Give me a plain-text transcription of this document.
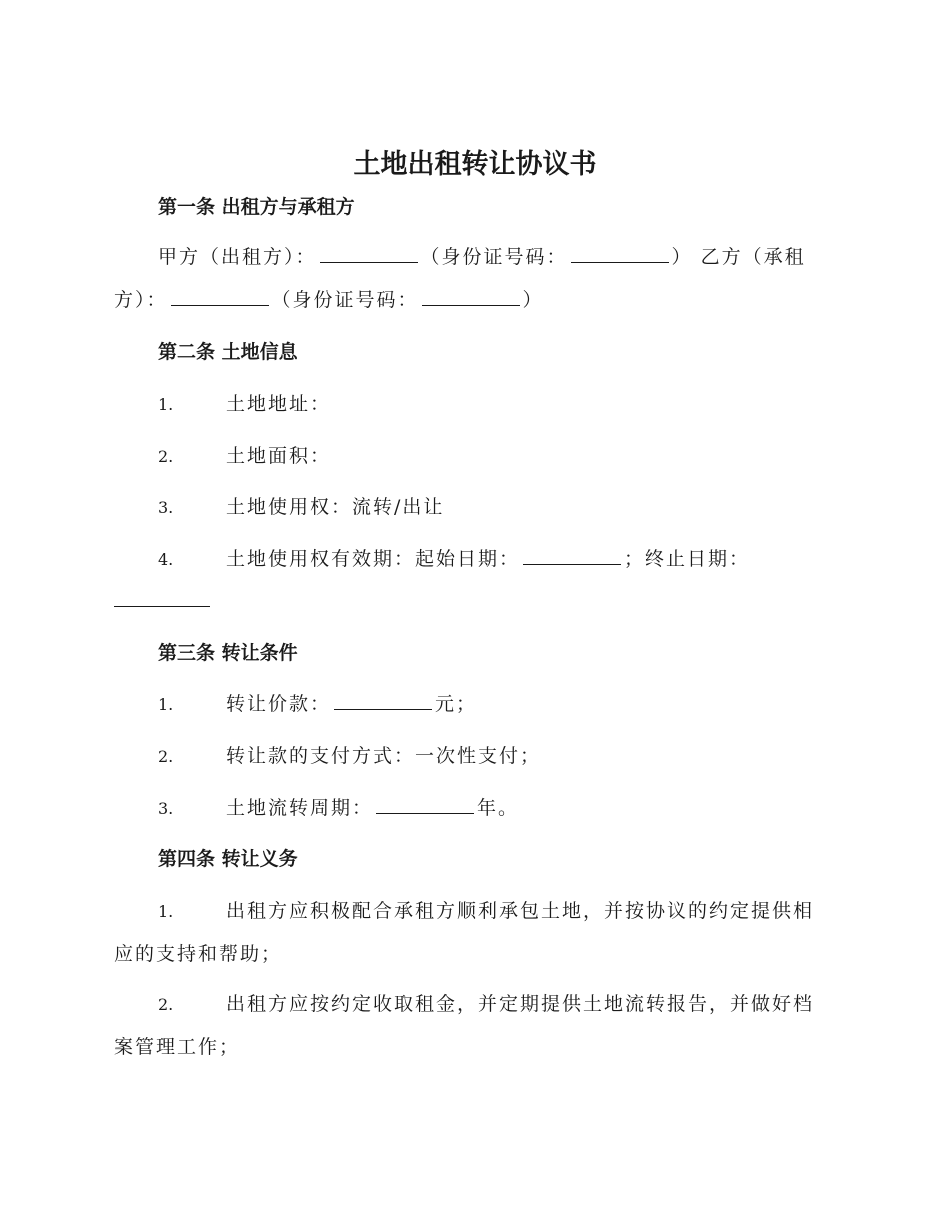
土地出租转让协议书
第一条 出租方与承租方
甲方（出租方）：	（身份证号码：	） 乙方（承租方）：	（身份证号码：	）
第二条 土地信息
1.	土地地址：
2.	土地面积：
3.	土地使用权：流转/出让
4.	土地使用权有效期：起始日期：	；终止日期：
第三条 转让条件
1.	转让价款：	元；
2.	转让款的支付方式：一次性支付；
3.	土地流转周期：	年。
第四条 转让义务
1.	出租方应积极配合承租方顺利承包土地，并按协议的约定提供相应的支持和帮助；
2.	出租方应按约定收取租金，并定期提供土地流转报告，并做好档案管理工作；
